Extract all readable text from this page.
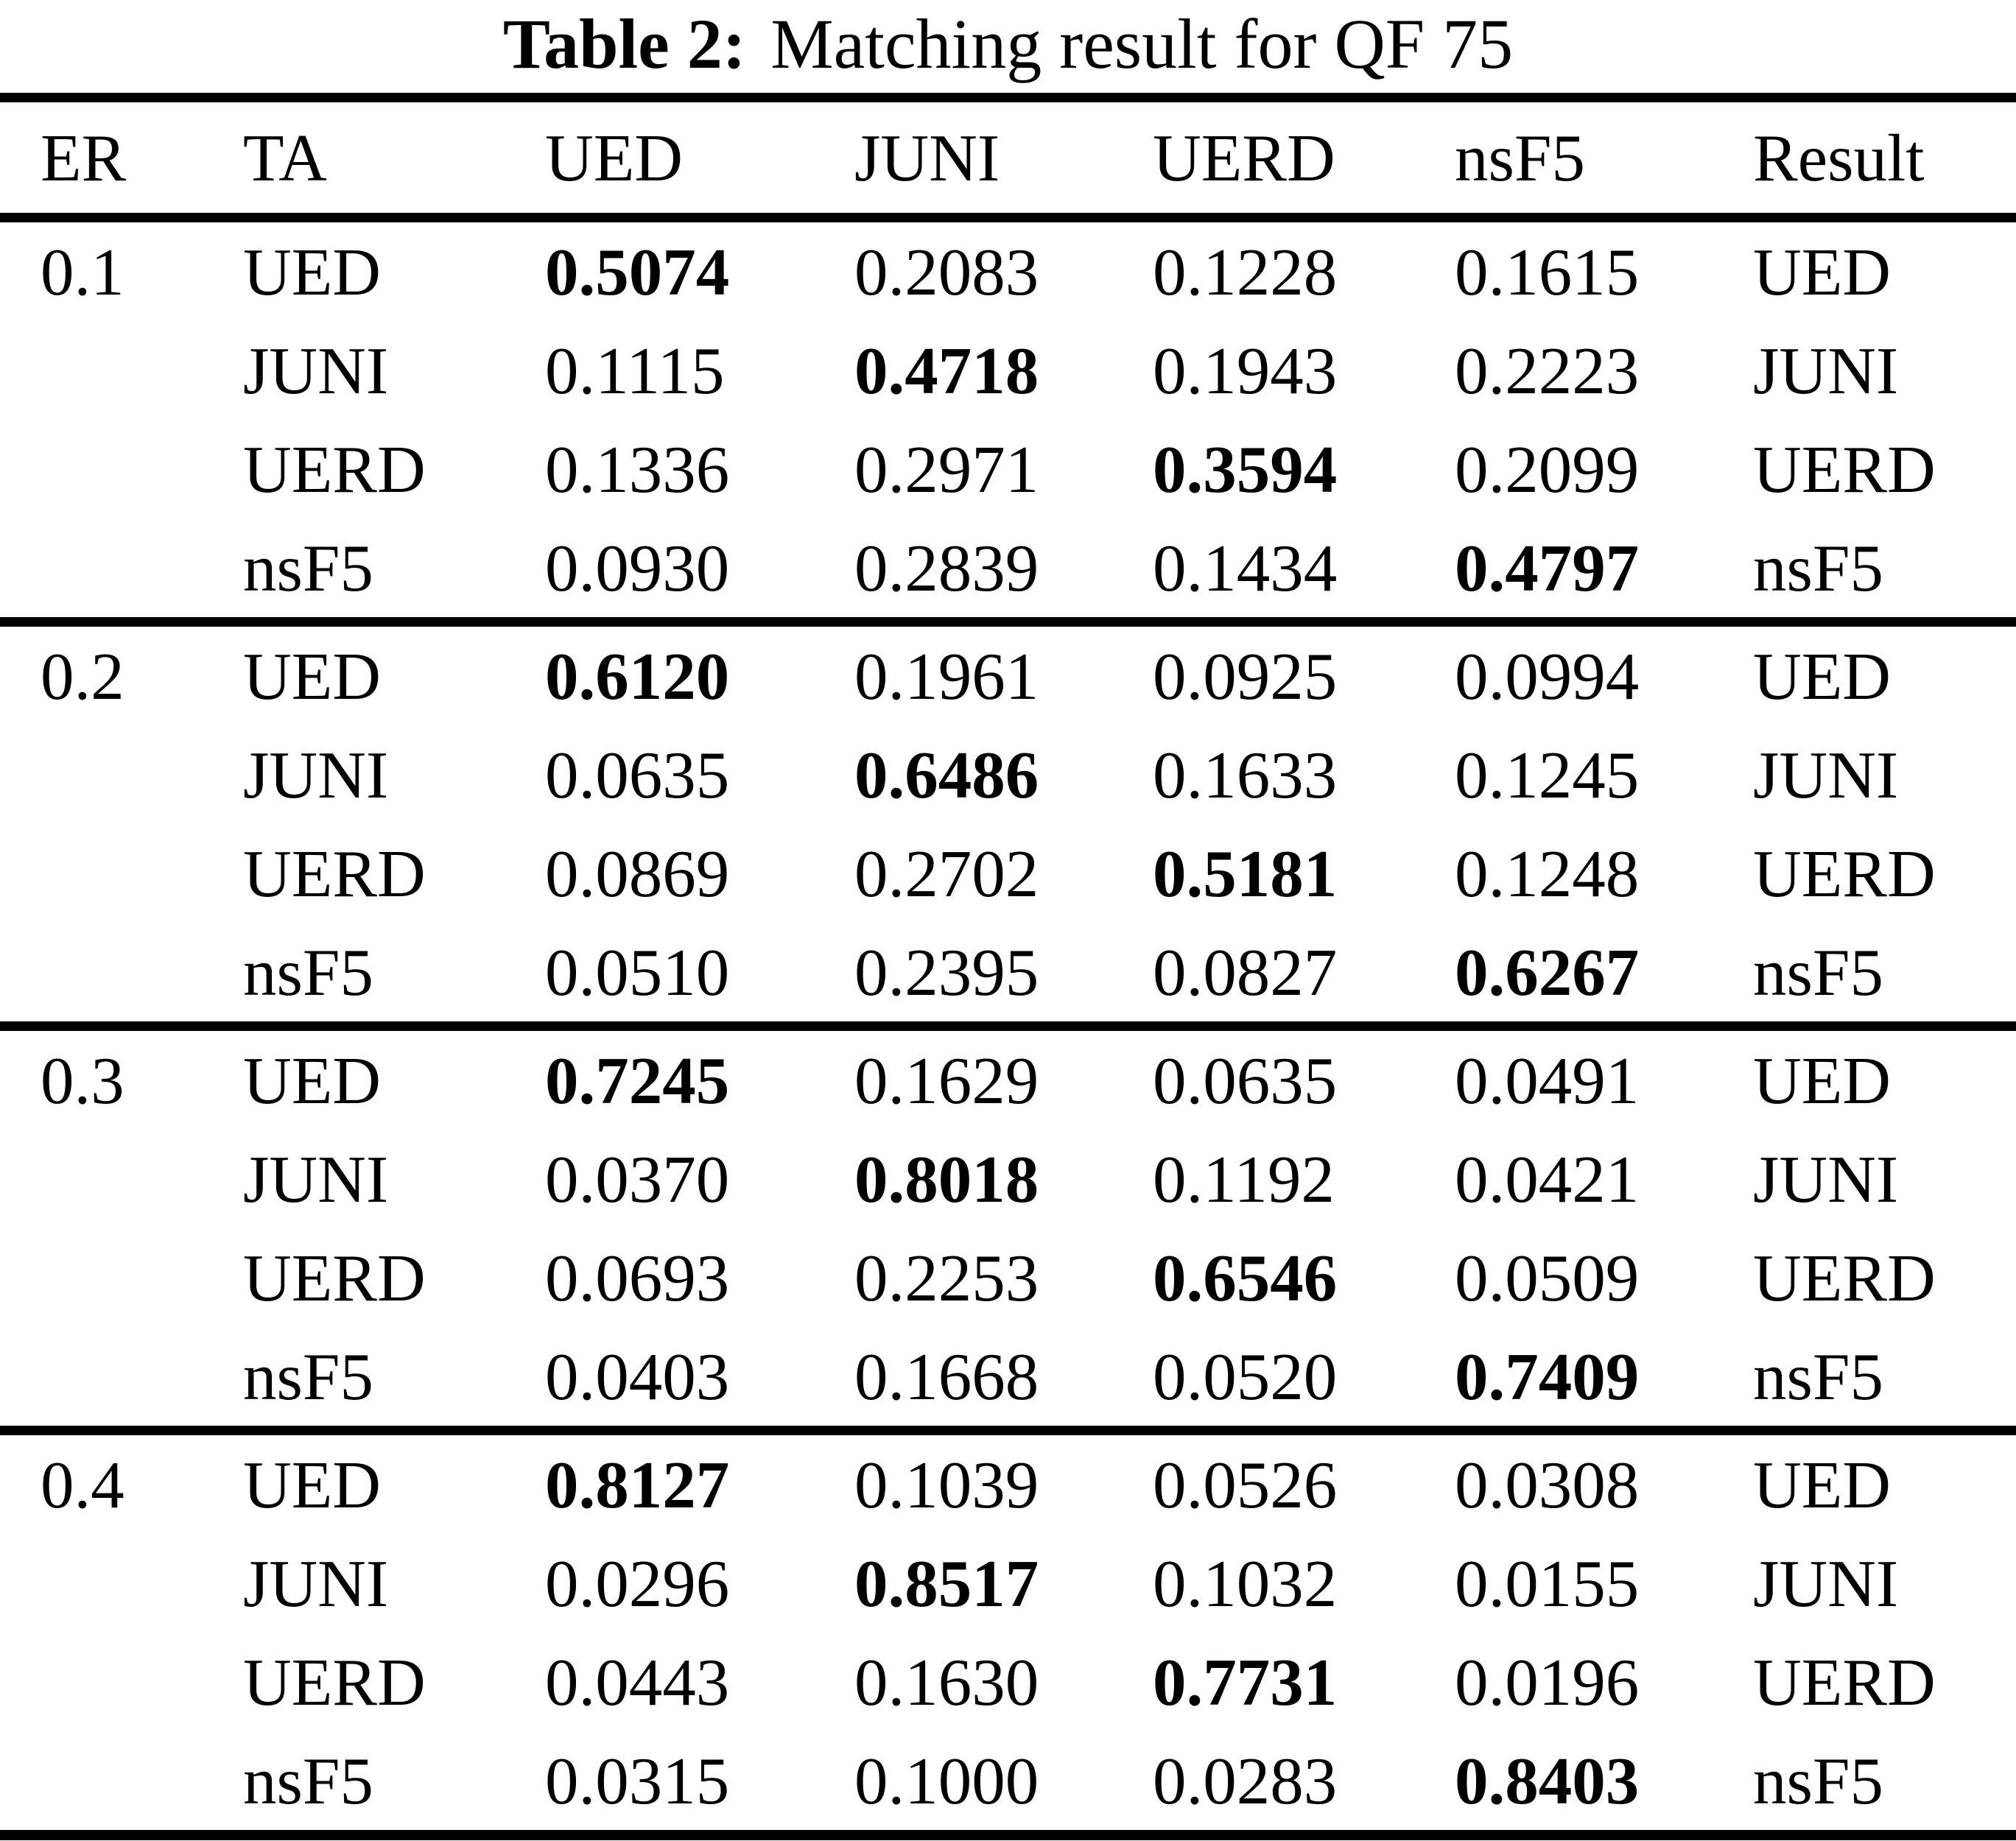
Table 2: Matching result for QF 75
ER	TA	UED	JUNI	UERD	nsF5	Result
0.1	UED	0.5074	0.2083	0.1228	0.1615	UED
	JUNI	0.1115	0.4718	0.1943	0.2223	JUNI
	UERD	0.1336	0.2971	0.3594	0.2099	UERD
	nsF5	0.0930	0.2839	0.1434	0.4797	nsF5
0.2	UED	0.6120	0.1961	0.0925	0.0994	UED
	JUNI	0.0635	0.6486	0.1633	0.1245	JUNI
	UERD	0.0869	0.2702	0.5181	0.1248	UERD
	nsF5	0.0510	0.2395	0.0827	0.6267	nsF5
0.3	UED	0.7245	0.1629	0.0635	0.0491	UED
	JUNI	0.0370	0.8018	0.1192	0.0421	JUNI
	UERD	0.0693	0.2253	0.6546	0.0509	UERD
	nsF5	0.0403	0.1668	0.0520	0.7409	nsF5
0.4	UED	0.8127	0.1039	0.0526	0.0308	UED
	JUNI	0.0296	0.8517	0.1032	0.0155	JUNI
	UERD	0.0443	0.1630	0.7731	0.0196	UERD
	nsF5	0.0315	0.1000	0.0283	0.8403	nsF5
